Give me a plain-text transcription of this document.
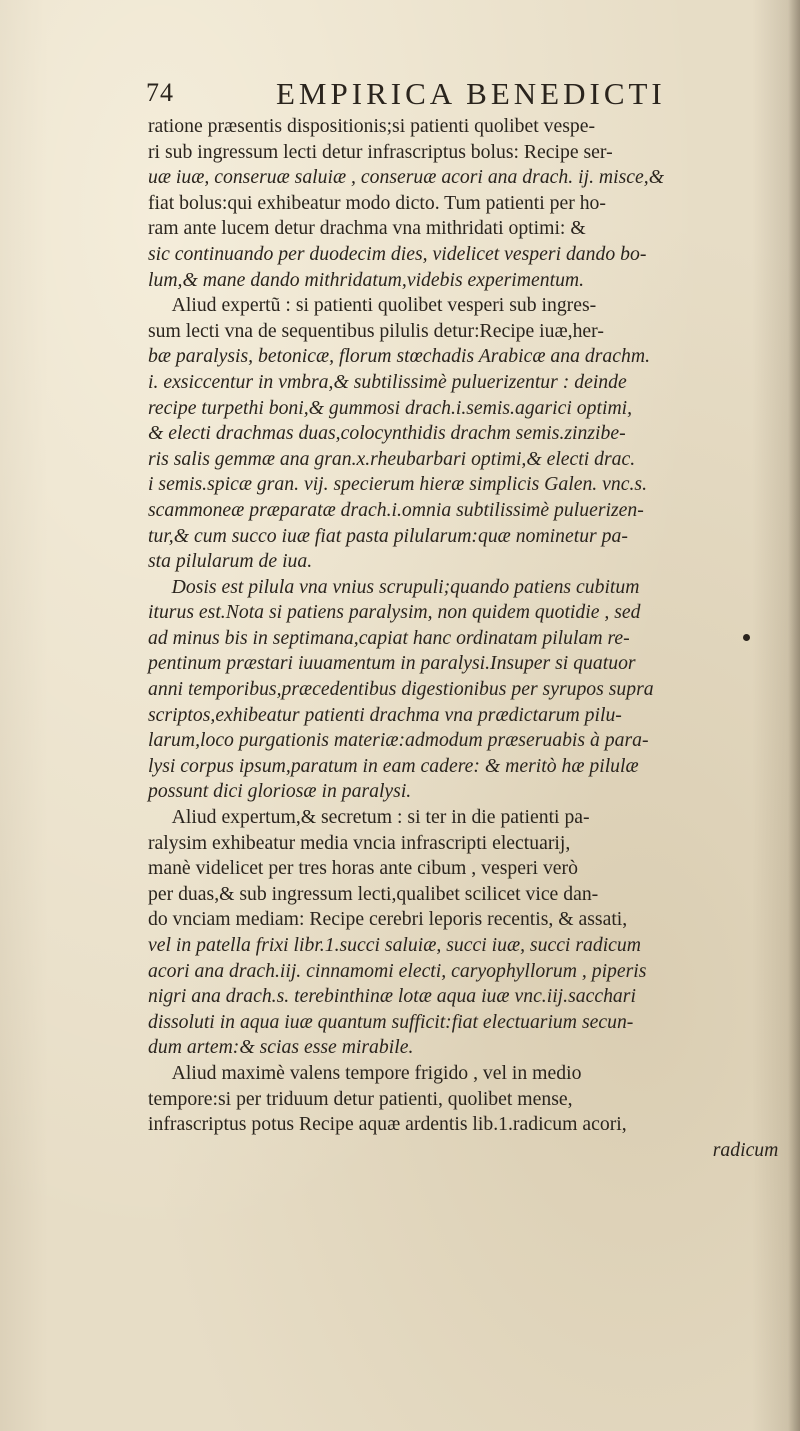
74	EMPIRICA BENEDICTI
ratione præsentis dispositionis;si patienti quolibet vespe-
ri sub ingressum lecti detur infrascriptus bolus: Recipe ser-
uæ iuæ, conseruæ saluiæ , conseruæ acori ana drach. ij. misce,&
fiat bolus:qui exhibeatur modo dicto. Tum patienti per ho-
ram ante lucem detur drachma vna mithridati optimi: &
sic continuando per duodecim dies, videlicet vesperi dando bo-
lum,& mane dando mithridatum,videbis experimentum.
Aliud expertũ : si patienti quolibet vesperi sub ingres-
sum lecti vna de sequentibus pilulis detur:Recipe iuæ,her-
bæ paralysis, betonicæ, florum stœchadis Arabicæ ana drachm.
i. exsiccentur in vmbra,& subtilissimè puluerizentur : deinde
recipe turpethi boni,& gummosi drach.i.semis.agarici optimi,
& electi drachmas duas,colocynthidis drachm semis.zinzibe-
ris salis gemmæ ana gran.x.rheubarbari optimi,& electi drac.
i semis.spicæ gran. vij. specierum hieræ simplicis Galen. vnc.s.
scammoneæ præparatæ drach.i.omnia subtilissimè puluerizen-
tur,& cum succo iuæ fiat pasta pilularum:quæ nominetur pa-
sta pilularum de iua.
Dosis est pilula vna vnius scrupuli;quando patiens cubitum
iturus est.Nota si patiens paralysim, non quidem quotidie , sed
ad minus bis in septimana,capiat hanc ordinatam pilulam re-
pentinum præstari iuuamentum in paralysi.Insuper si quatuor
anni temporibus,præcedentibus digestionibus per syrupos supra
scriptos,exhibeatur patienti drachma vna prædictarum pilu-
larum,loco purgationis materiæ:admodum præseruabis à para-
lysi corpus ipsum,paratum in eam cadere: & meritò hæ pilulæ
possunt dici gloriosæ in paralysi.
Aliud expertum,& secretum : si ter in die patienti pa-
ralysim exhibeatur media vncia infrascripti electuarij,
manè videlicet per tres horas ante cibum , vesperi verò
per duas,& sub ingressum lecti,qualibet scilicet vice dan-
do vnciam mediam: Recipe cerebri leporis recentis, & assati,
vel in patella frixi libr.1.succi saluiæ, succi iuæ, succi radicum
acori ana drach.iij. cinnamomi electi, caryophyllorum , piperis
nigri ana drach.s. terebinthinæ lotæ aqua iuæ vnc.iij.sacchari
dissoluti in aqua iuæ quantum sufficit:fiat electuarium secun-
dum artem:& scias esse mirabile.
Aliud maximè valens tempore frigido , vel in medio
tempore:si per triduum detur patienti, quolibet mense,
infrascriptus potus Recipe aquæ ardentis lib.1.radicum acori,
radicum
